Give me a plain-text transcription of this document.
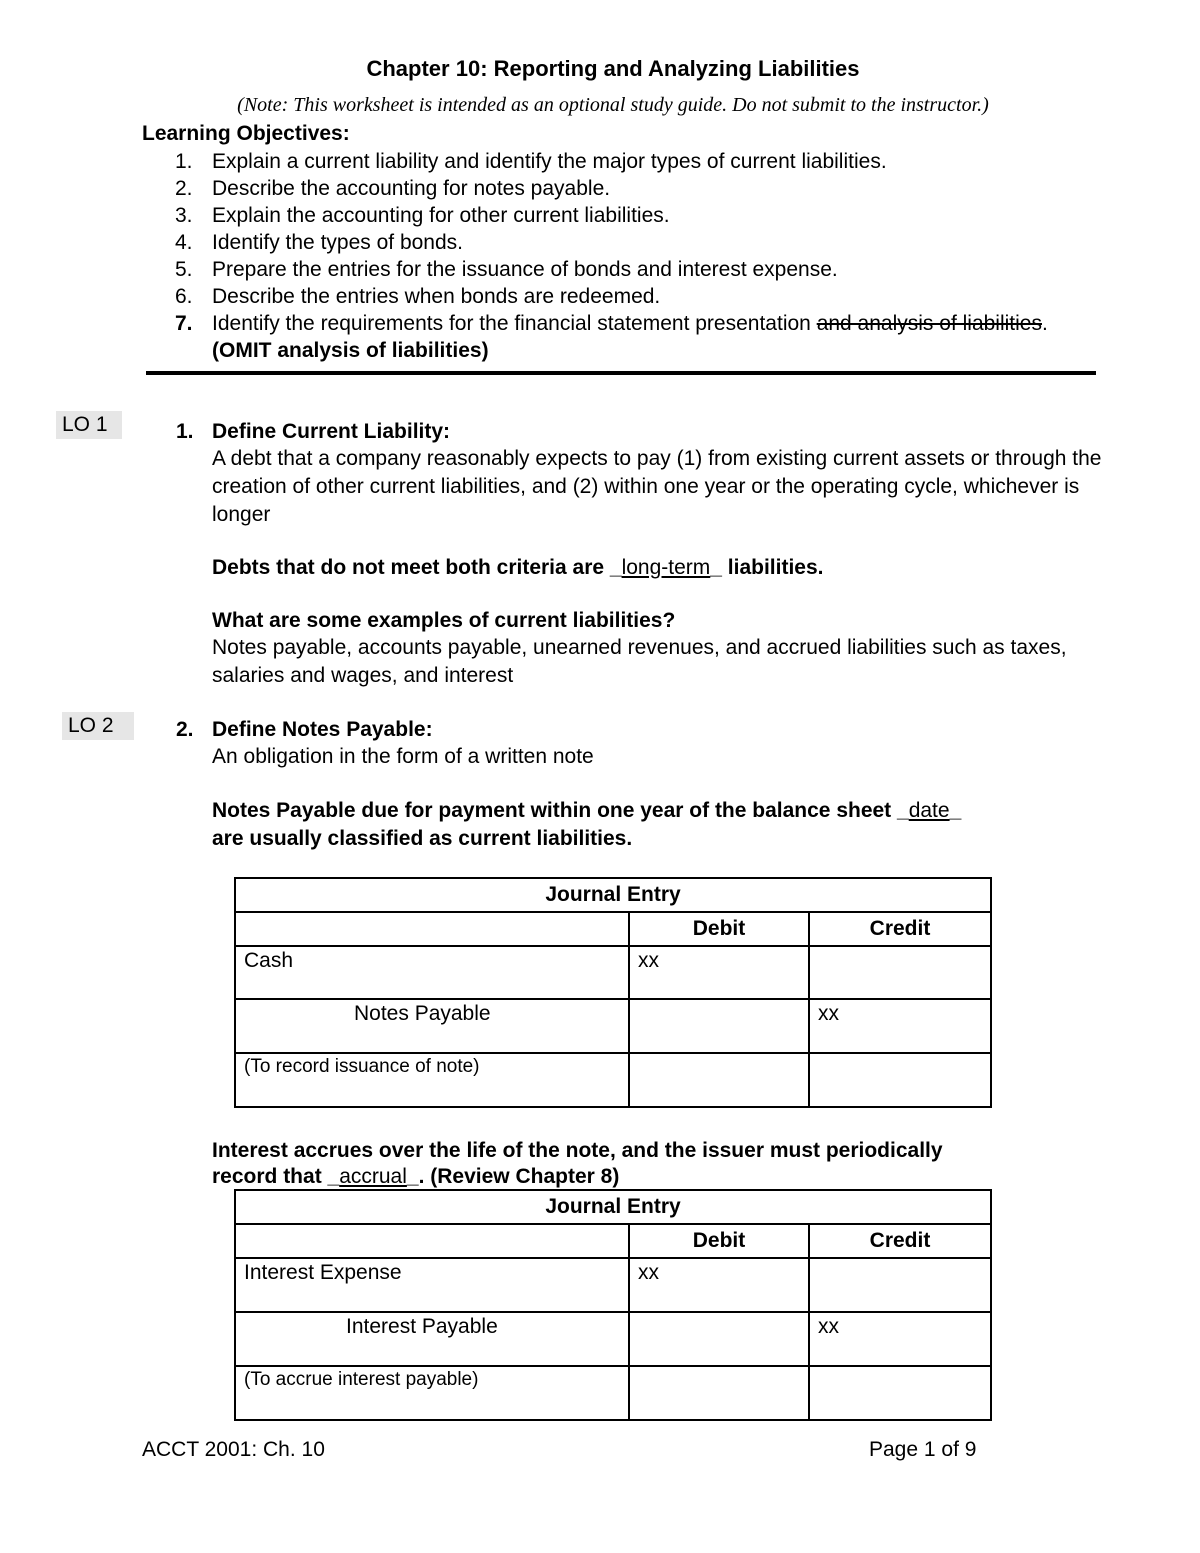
Chapter 10: Reporting and Analyzing Liabilities
(Note: This worksheet is intended as an optional study guide. Do not submit to the instructor.)
Learning Objectives:
1. Explain a current liability and identify the major types of current liabilities.
2. Describe the accounting for notes payable.
3. Explain the accounting for other current liabilities.
4. Identify the types of bonds.
5. Prepare the entries for the issuance of bonds and interest expense.
6. Describe the entries when bonds are redeemed.
7. Identify the requirements for the financial statement presentation and analysis of liabilities. (OMIT analysis of liabilities)
LO 1	1. Define Current Liability:
A debt that a company reasonably expects to pay (1) from existing current assets or through the creation of other current liabilities, and (2) within one year or the operating cycle, whichever is longer
Debts that do not meet both criteria are _long-term_ liabilities.
What are some examples of current liabilities?
Notes payable, accounts payable, unearned revenues, and accrued liabilities such as taxes, salaries and wages, and interest
LO 2	2. Define Notes Payable:
An obligation in the form of a written note
Notes Payable due for payment within one year of the balance sheet _date_
are usually classified as current liabilities.
Journal Entry		
	Debit	Credit
Cash	xx	
Notes Payable		xx
(To record issuance of note)		
Interest accrues over the life of the note, and the issuer must periodically
record that _accrual_. (Review Chapter 8)
Journal Entry		
	Debit	Credit
Interest Expense	xx	
Interest Payable		xx
(To accrue interest payable)		
ACCT 2001: Ch. 10	Page 1 of 9
